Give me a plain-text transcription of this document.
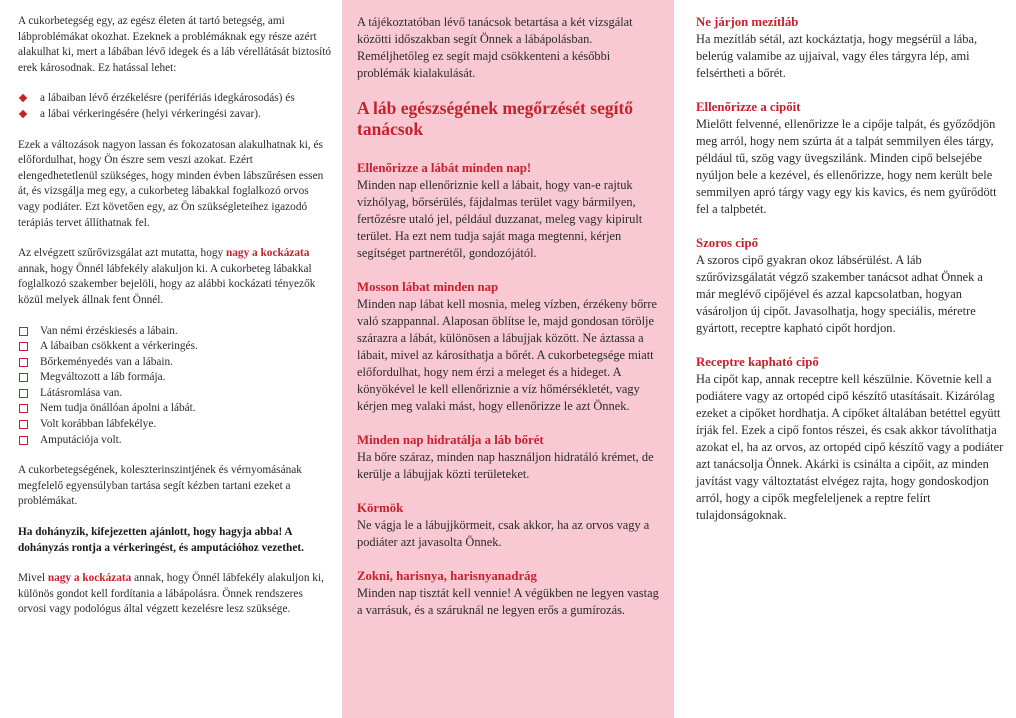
A cukorbetegség egy, az egész életen át tartó betegség, ami lábproblémákat okozhat. Ezeknek a problémáknak egy része azért alakulhat ki, mert a lábában lévő idegek és a láb vérellátását biztosító erek károsodnak. Ez hatással lehet:

a lábaiban lévő érzékelésre (perifériás idegkárosodás) és
a lábai vérkeringésére (helyi vérkeringési zavar).

Ezek a változások nagyon lassan és fokozatosan alakulhatnak ki, és előfordulhat, hogy Ön észre sem veszi azokat. Ezért elengedhetetlenül szükséges, hogy minden évben lábszűrésen essen át, és vizsgálja meg egy, a cukorbeteg lábakkal foglalkozó orvos vagy podiáter. Ezt követően egy, az Ön szükségleteihez igazodó terápiás tervet állíthatnak fel.

Az elvégzett szűrővizsgálat azt mutatta, hogy nagy a kockázata annak, hogy Önnél lábfekély alakuljon ki. A cukorbeteg lábakkal foglalkozó szakember bejelöli, hogy az alábbi kockázati tényezők közül melyek állnak fent Önnél.

Van némi érzéskiesés a lábain.
A lábaiban csökkent a vérkeringés.
Bőrkeményedés van a lábain.
Megváltozott a láb formája.
Látásromlása van.
Nem tudja önállóan ápolni a lábát.
Volt korábban lábfekélye.
Amputációja volt.

A cukorbetegségének, koleszterinszintjének és vérnyomásának megfelelő egyensúlyban tartása segít kézben tartani ezeket a problémákat.

Ha dohányzik, kifejezetten ajánlott, hogy hagyja abba! A dohányzás rontja a vérkeringést, és amputációhoz vezethet.

Mivel nagy a kockázata annak, hogy Önnél lábfekély alakuljon ki, különös gondot kell fordítania a lábápolásra. Önnek rendszeres orvosi vagy podológus által végzett kezelésre lesz szüksége.

A tájékoztatóban lévő tanácsok betartása a két vizsgálat közötti időszakban segít Önnek a lábápolásban. Reméljhetőleg ez segít majd csökkenteni a későbbi problémák kialakulását.

A láb egészségének megőrzését segítő tanácsok
Ellenőrizze a lábát minden nap!

Minden nap ellenőriznie kell a lábait, hogy van-e rajtuk vízhólyag, bőrsérülés, fájdalmas terület vagy bármilyen, fertőzésre utaló jel, például duzzanat, meleg vagy kipirult terület. Ha ezt nem tudja saját maga megtenni, kérjen segítséget partnerétől, gondozójától.

Mosson lábat minden nap

Minden nap lábat kell mosnia, meleg vízben, érzékeny bőrre való szappannal. Alaposan öblítse le, majd gondosan törölje szárazra a lábát, különösen a lábujjak között. Ne áztassa a lábait, mivel az károsíthatja a bőrét. A cukorbetegsége miatt előfordulhat, hogy nem érzi a meleget és a hideget. A könyökével le kell ellenőriznie a víz hőmérsékletét, vagy kérjen meg valaki mást, hogy ellenőrizze le azt Önnek.

Minden nap hidratálja a láb bőrét

Ha bőre száraz, minden nap használjon hidratáló krémet, de kerülje a lábujjak közti területeket.

Körmök

Ne vágja le a lábujjkörmeit, csak akkor, ha az orvos vagy a podiáter azt javasolta Önnek.

Zokni, harisnya, harisnyanadrág

Minden nap tisztát kell vennie! A végükben ne legyen vastag a varrásuk, és a száruknál ne legyen erős a gumírozás.

Ne járjon mezítláb

Ha mezítláb sétál, azt kockáztatja, hogy megsérül a lába, belerúg valamibe az ujjaival, vagy éles tárgyra lép, ami felsértheti a bőrét.

Ellenőrizze a cipőit

Mielőtt felvenné, ellenőrizze le a cipője talpát, és győződjön meg arról, hogy nem szúrta át a talpát semmilyen éles tárgy, például tű, szög vagy üvegszilánk. Minden cipő belsejébe nyúljon bele a kezével, és ellenőrizze, hogy nem került bele semmilyen apró tárgy vagy egy kis kavics, és nem gyűrődött fel a talpbetét.

Szoros cipő

A szoros cipő gyakran okoz lábsérülést. A láb szűrővizsgálatát végző szakember tanácsot adhat Önnek a már meglévő cipőjével és azzal kapcsolatban, hogyan vásároljon új cipőt. Javasolhatja, hogy speciális, méretre gyártott, receptre kapható cipőt hordjon.

Receptre kapható cipő

Ha cipőt kap, annak receptre kell készülnie. Követnie kell a podiátere vagy az ortopéd cipő készítő utasításait. Kizárólag ezeket a cipőket hordhatja. A cipőket általában betéttel együtt írják fel. Ezek a cipő fontos részei, és csak akkor távolíthatja azokat el, ha az orvos, az ortopéd cipő készítő vagy a podiáter azt tanácsolja Önnek. Akárki is csinálta a cipőit, az minden javítást vagy változtatást elvégez rajta, hogy gondoskodjon arról, hogy a cipők megfeleljenek a reptre felírt tulajdonságoknak.
